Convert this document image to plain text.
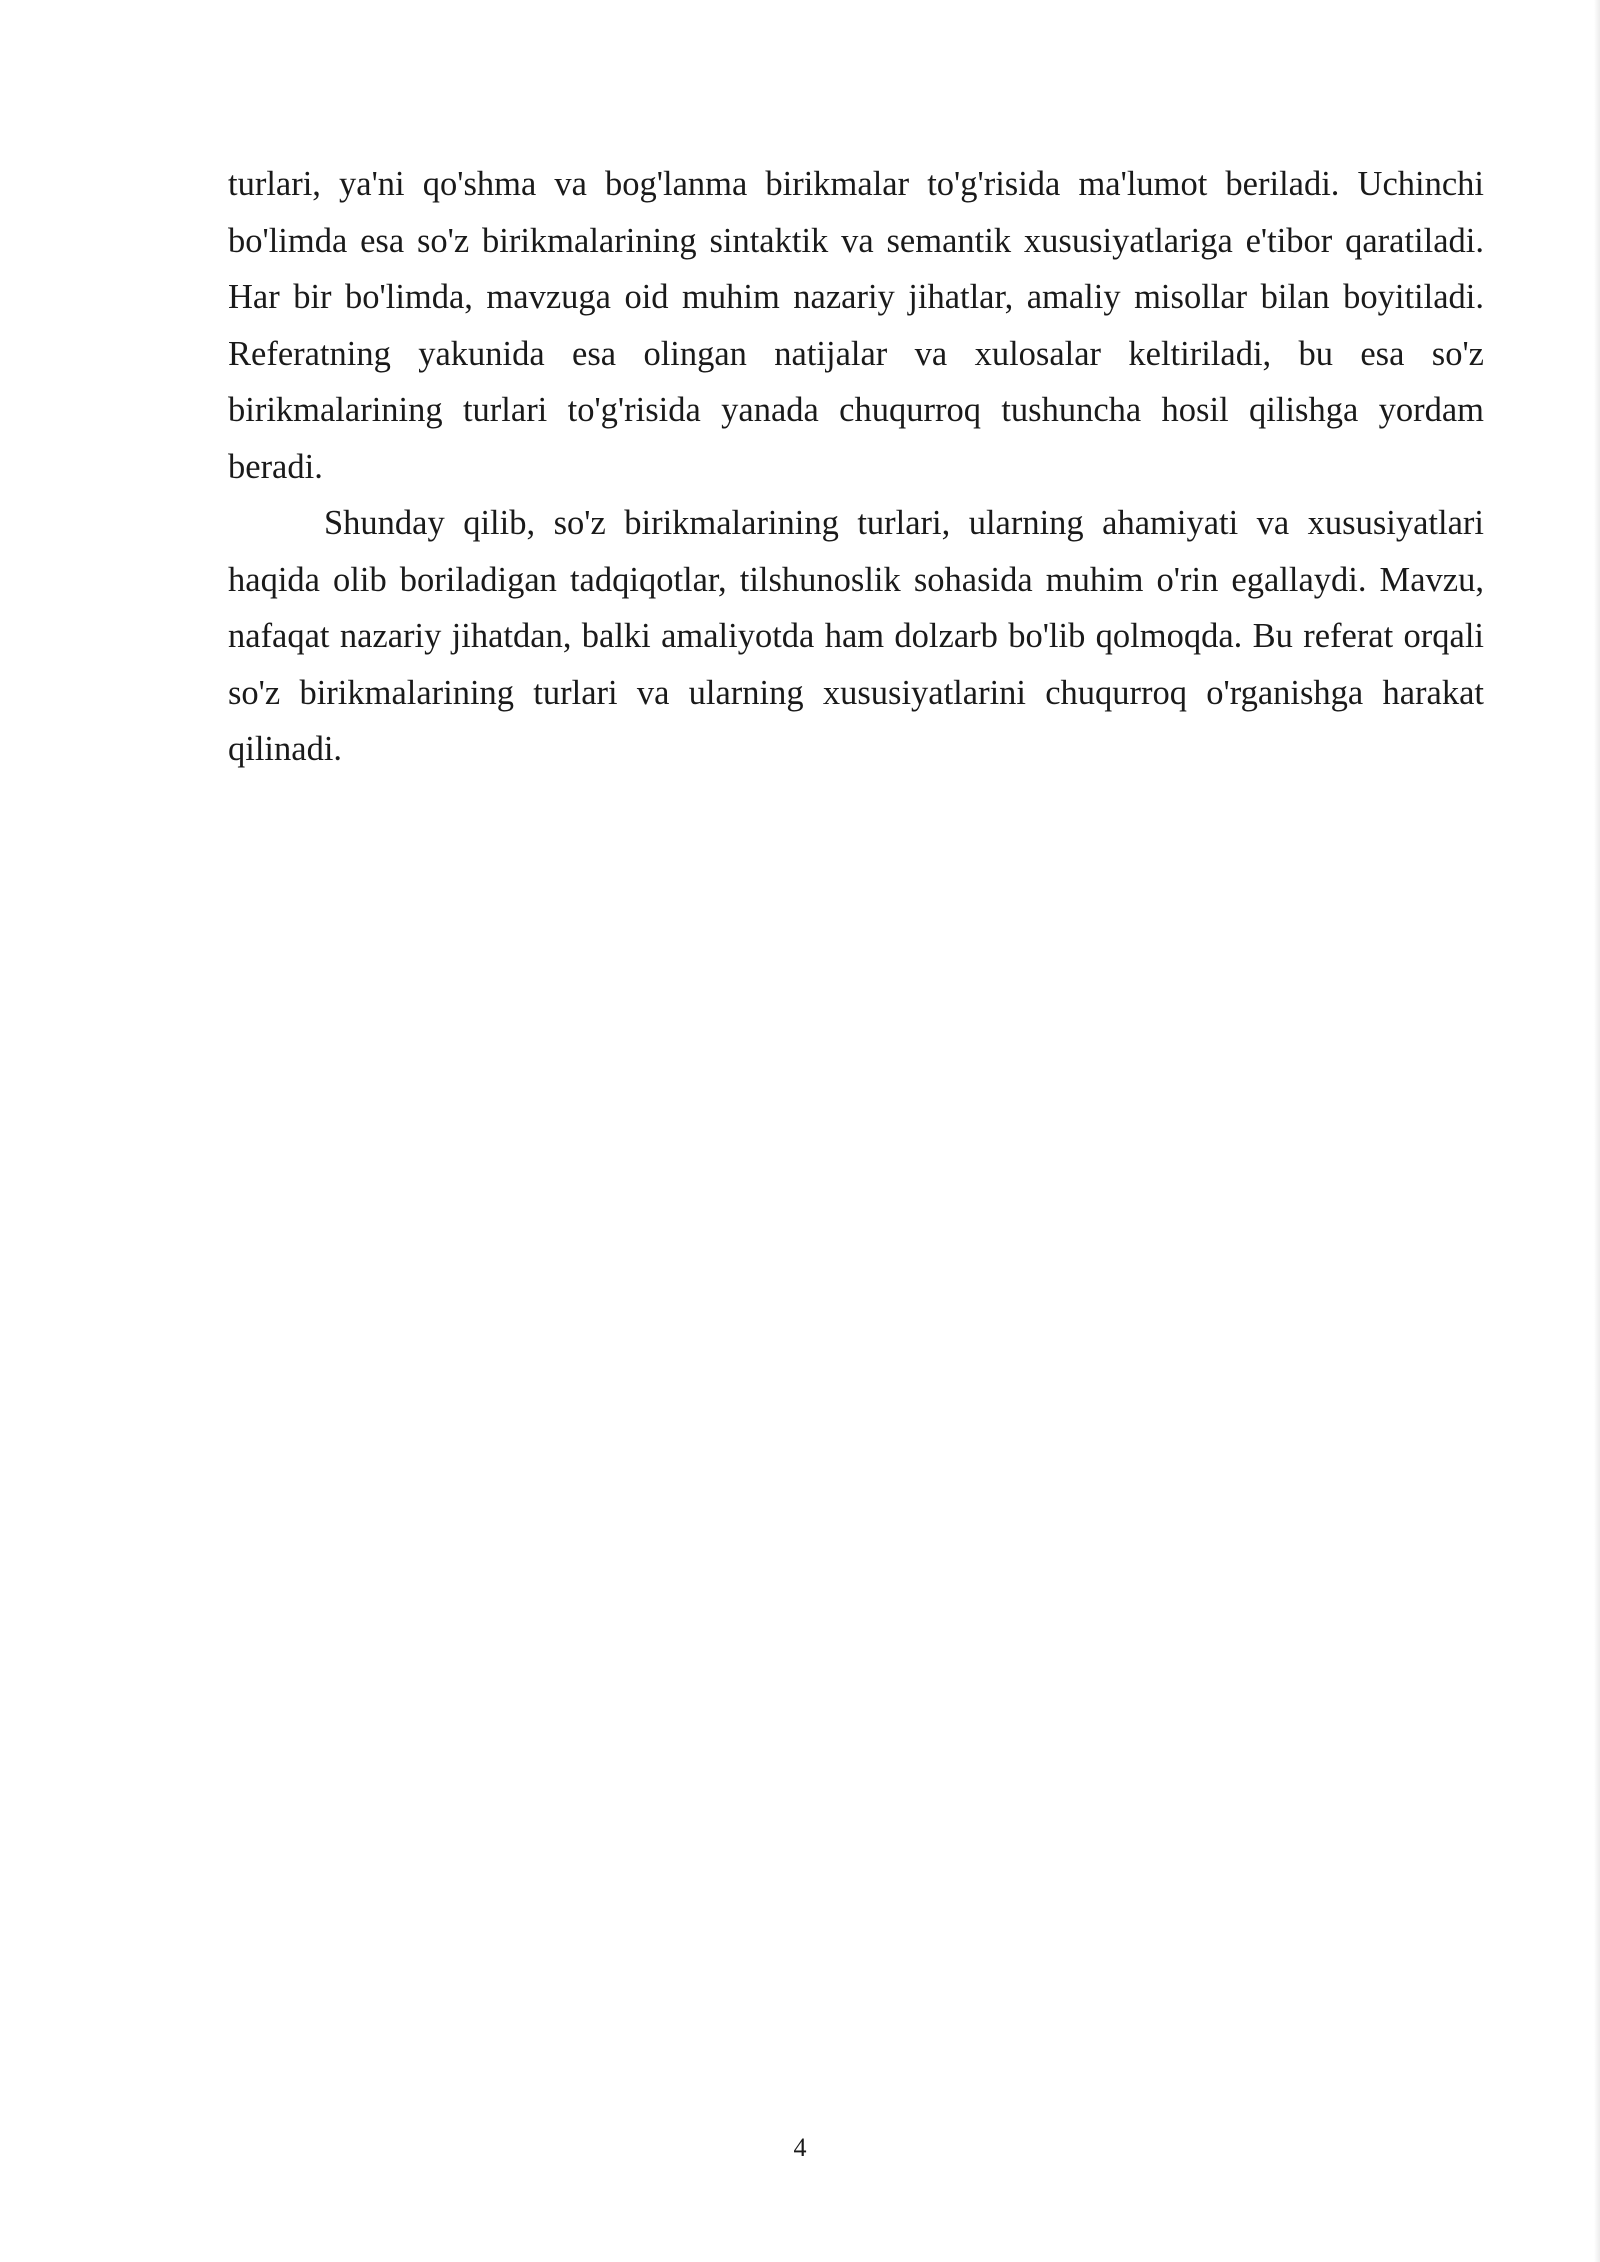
turlari, ya'ni qo'shma va bog'lanma birikmalar to'g'risida ma'lumot beriladi. Uchinchi bo'limda esa so'z birikmalarining sintaktik va semantik xususiyatlariga e'tibor qaratiladi. Har bir bo'limda, mavzuga oid muhim nazariy jihatlar, amaliy misollar bilan boyitiladi. Referatning yakunida esa olingan natijalar va xulosalar keltiriladi, bu esa so'z birikmalarining turlari to'g'risida yanada chuqurroq tushuncha hosil qilishga yordam beradi.

Shunday qilib, so'z birikmalarining turlari, ularning ahamiyati va xususiyatlari haqida olib boriladigan tadqiqotlar, tilshunoslik sohasida muhim o'rin egallaydi. Mavzu, nafaqat nazariy jihatdan, balki amaliyotda ham dolzarb bo'lib qolmoqda. Bu referat orqali so'z birikmalarining turlari va ularning xususiyatlarini chuqurroq o'rganishga harakat qilinadi.

4
